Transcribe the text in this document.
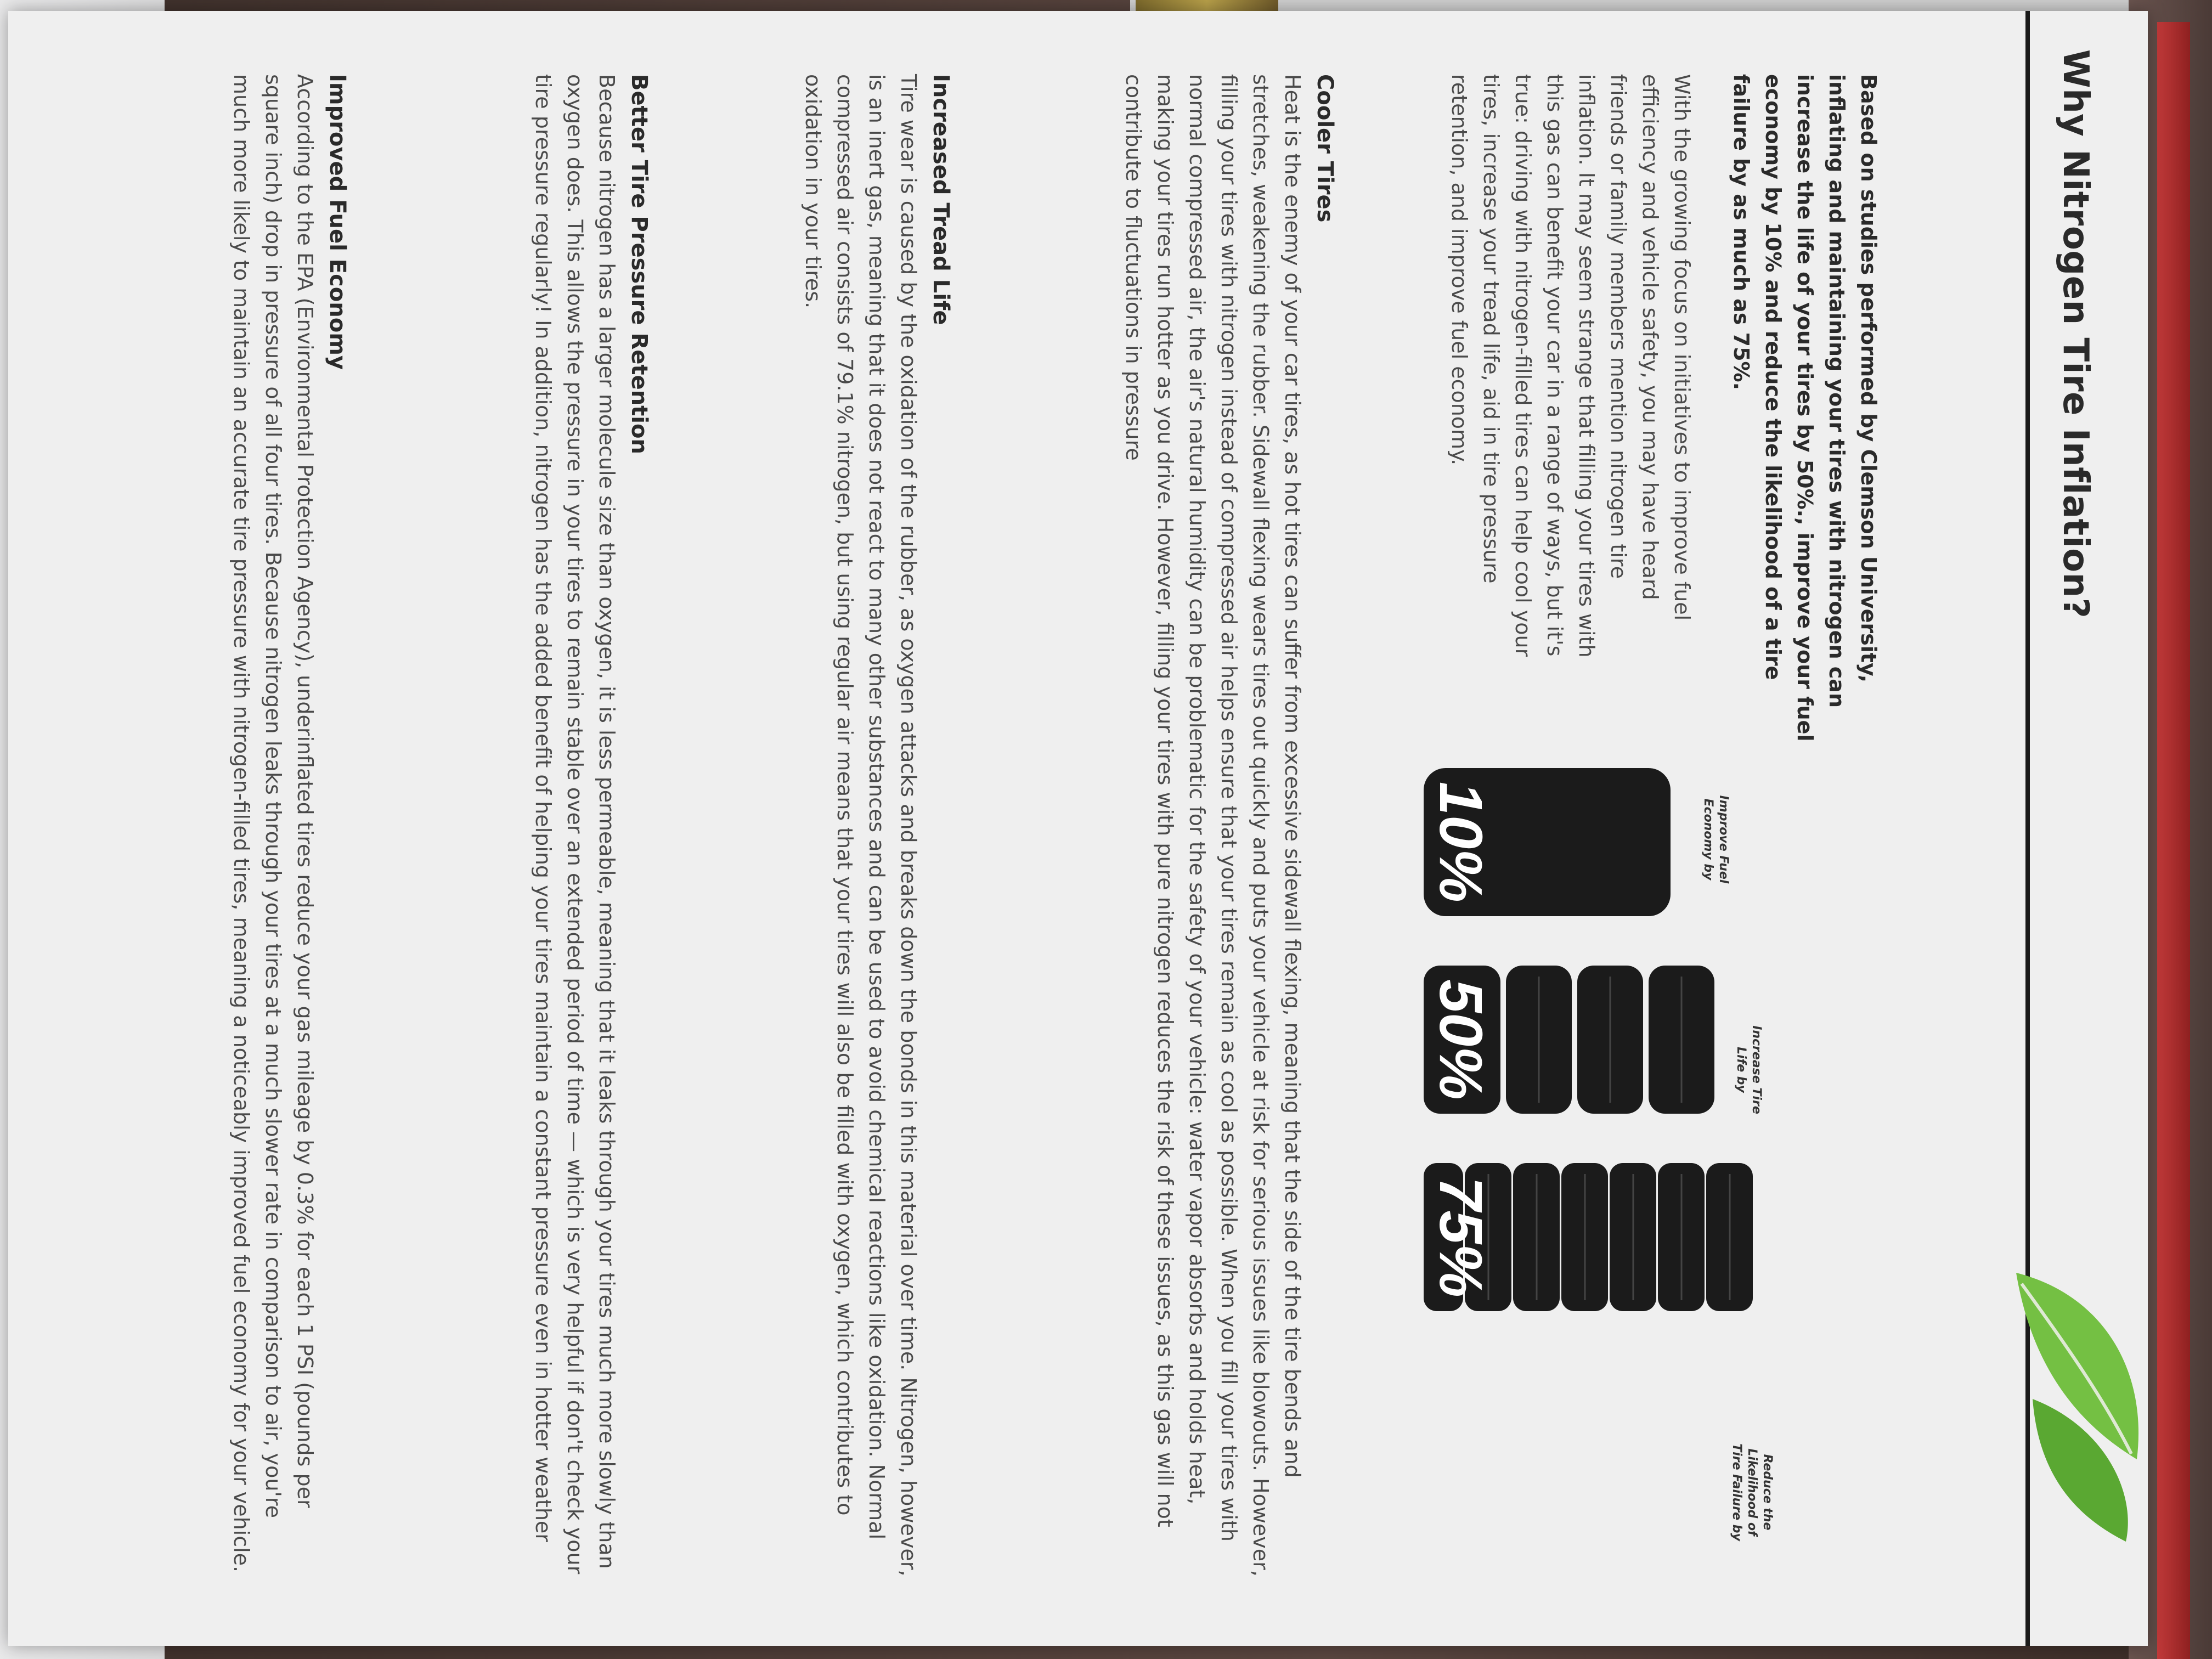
Why Nitrogen Tire Inflation?
Based on studies performed by Clemson University, inflating and maintaining your tires with nitrogen can increase the life of your tires by 50%., improve your fuel economy by 10% and reduce the likelihood of a tire failure by as much as 75%.
With the growing focus on initiatives to improve fuel efficiency and vehicle safety, you may have heard friends or family members mention nitrogen tire inflation. It may seem strange that filling your tires with this gas can benefit your car in a range of ways, but it's true: driving with nitrogen-filled tires can help cool your tires, increase your tread life, aid in tire pressure retention, and improve fuel economy.
Improve Fuel Economy by
Increase Tire Life by
Reduce the Likelihood of Tire Failure by
10%
50%
75%
Cooler Tires

Heat is the enemy of your car tires, as hot tires can suffer from excessive sidewall flexing, meaning that the side of the tire bends and stretches, weakening the rubber. Sidewall flexing wears tires out quickly and puts your vehicle at risk for serious issues like blowouts. However, filling your tires with nitrogen instead of compressed air helps ensure that your tires remain as cool as possible. When you fill your tires with normal compressed air, the air's natural humidity can be problematic for the safety of your vehicle: water vapor absorbs and holds heat, making your tires run hotter as you drive. However, filling your tires with pure nitrogen reduces the risk of these issues, as this gas will not contribute to fluctuations in pressure

Increased Tread Life

Tire wear is caused by the oxidation of the rubber, as oxygen attacks and breaks down the bonds in this material over time. Nitrogen, however, is an inert gas, meaning that it does not react to many other substances and can be used to avoid chemical reactions like oxidation. Normal compressed air consists of 79.1% nitrogen, but using regular air means that your tires will also be filled with oxygen, which contributes to oxidation in your tires.

Better Tire Pressure Retention

Because nitrogen has a larger molecule size than oxygen, it is less permeable, meaning that it leaks through your tires much more slowly than oxygen does. This allows the pressure in your tires to remain stable over an extended period of time — which is very helpful if don't check your tire pressure regularly! In addition, nitrogen has the added benefit of helping your tires maintain a constant pressure even in hotter weather

Improved Fuel Economy

According to the EPA (Environmental Protection Agency), underinflated tires reduce your gas mileage by 0.3% for each 1 PSI (pounds per square inch) drop in pressure of all four tires. Because nitrogen leaks through your tires at a much slower rate in comparison to air, you're much more likely to maintain an accurate tire pressure with nitrogen-filled tires, meaning a noticeably improved fuel economy for your vehicle.
